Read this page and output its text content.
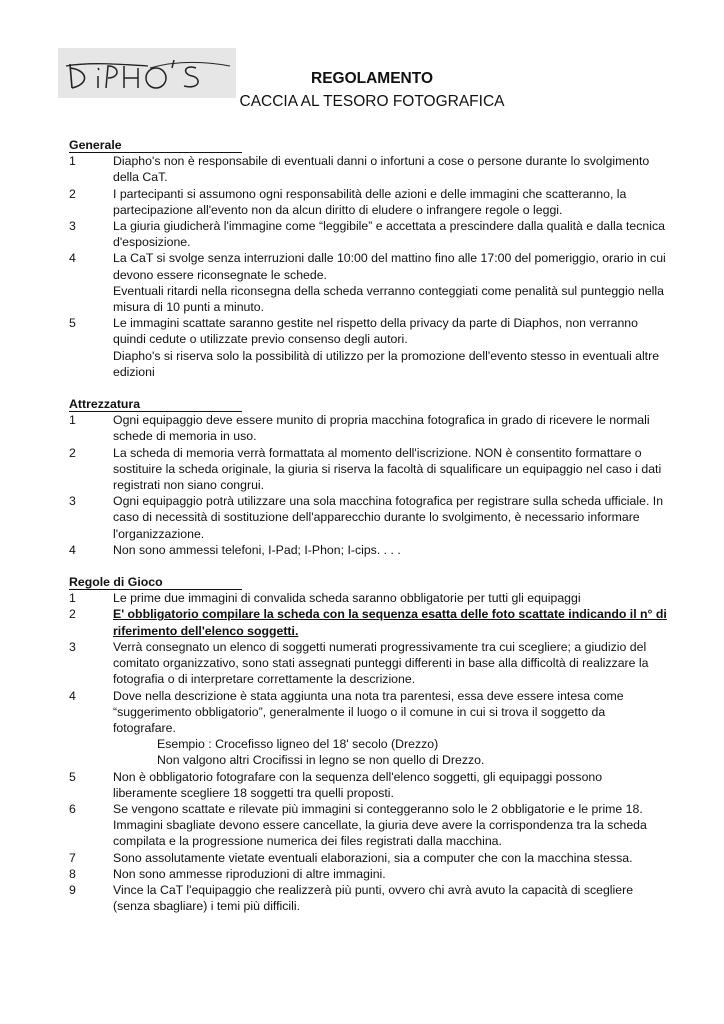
REGOLAMENTO
CACCIA AL TESORO FOTOGRAFICA
Generale
1	Diapho's non è responsabile di eventuali danni o infortuni a cose o persone durante lo svolgimento della CaT.
2	I partecipanti si assumono ogni responsabilità delle azioni e delle immagini che scatteranno, la partecipazione all'evento non da alcun diritto di eludere o infrangere regole o leggi.
3	La giuria giudicherà l'immagine come “leggibile” e accettata a prescindere dalla qualità e dalla tecnica d'esposizione.
4	La CaT si svolge senza interruzioni dalle 10:00 del mattino fino alle 17:00 del pomeriggio, orario in cui devono essere riconsegnate le schede.
Eventuali ritardi nella riconsegna della scheda verranno conteggiati come penalità sul punteggio nella misura di 10 punti a minuto.
5	Le immagini scattate saranno gestite nel rispetto della privacy da parte di Diaphos, non verranno quindi cedute o utilizzate previo consenso degli autori.
Diapho's si riserva solo la possibilità di utilizzo per la promozione dell'evento stesso in eventuali altre edizioni
Attrezzatura
1	Ogni equipaggio deve essere munito di propria macchina fotografica in grado di ricevere le normali schede di memoria in uso.
2	La scheda di memoria verrà formattata al momento dell'iscrizione. NON è consentito formattare o sostituire la scheda originale, la giuria si riserva la facoltà di squalificare un equipaggio nel caso i dati registrati non siano congrui.
3	Ogni equipaggio potrà utilizzare una sola macchina fotografica per registrare sulla scheda ufficiale. In caso di necessità di sostituzione dell'apparecchio durante lo svolgimento, è necessario informare l'organizzazione.
4	Non sono ammessi telefoni, I-Pad; I-Phon; I-cips. . . .
Regole di Gioco
1	Le prime due immagini di convalida scheda saranno obbligatorie per tutti gli equipaggi
2	E' obbligatorio compilare la scheda con la sequenza esatta delle foto scattate indicando il n° di riferimento dell'elenco soggetti.
3	Verrà consegnato un elenco di soggetti numerati progressivamente tra cui scegliere; a giudizio del comitato organizzativo, sono stati assegnati punteggi differenti in base alla difficoltà di realizzare la fotografia o di interpretare correttamente la descrizione.
4	Dove nella descrizione è stata aggiunta una nota tra parentesi, essa deve essere intesa come “suggerimento obbligatorio”, generalmente il luogo o il comune in cui si trova il soggetto da fotografare.
Esempio : Crocefisso ligneo del 18' secolo (Drezzo)
Non valgono altri Crocifissi in legno se non quello di Drezzo.
5	Non è obbligatorio fotografare con la sequenza dell'elenco soggetti, gli equipaggi possono liberamente scegliere 18 soggetti tra quelli proposti.
6	Se vengono scattate e rilevate più immagini si conteggeranno solo le 2 obbligatorie e le prime 18. Immagini sbagliate devono essere cancellate, la giuria deve avere la corrispondenza tra la scheda compilata e la progressione numerica dei files registrati dalla macchina.
7	Sono assolutamente vietate eventuali elaborazioni, sia a computer che con la macchina stessa.
8	Non sono ammesse riproduzioni di altre immagini.
9	Vince la CaT l'equipaggio che realizzerà più punti, ovvero chi avrà avuto la capacità di scegliere (senza sbagliare) i temi più difficili.
